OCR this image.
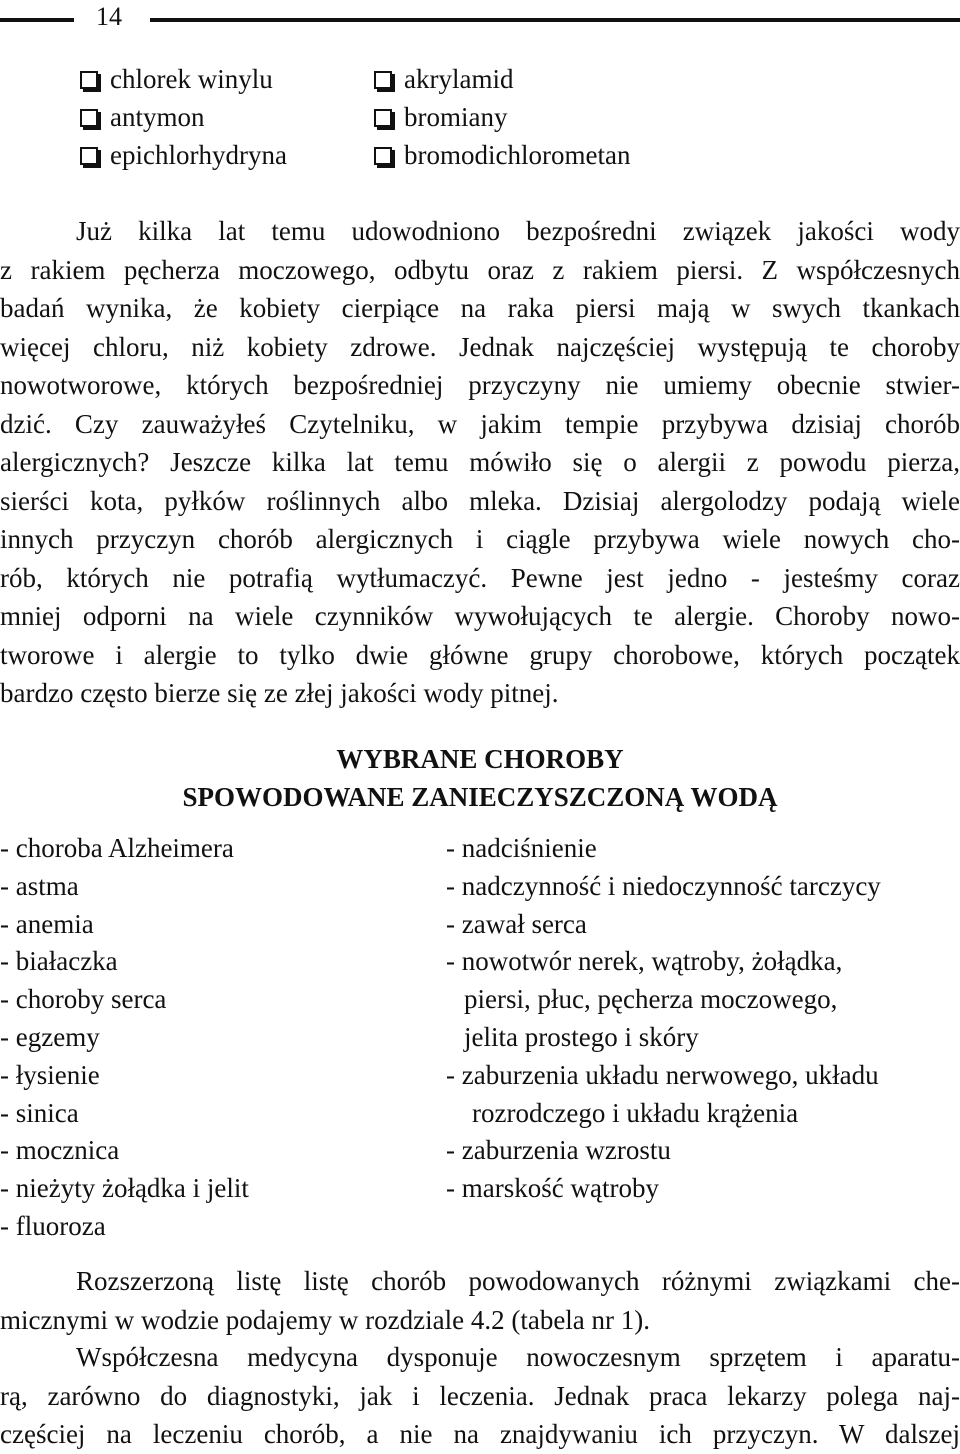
14
chlorek winylu
antymon
epichlorhydryna
akrylamid
bromiany
bromodichlorometan
Już kilka lat temu udowodniono bezpośredni związek jakości wody
z rakiem pęcherza moczowego, odbytu oraz z rakiem piersi. Z współczesnych
badań wynika, że kobiety cierpiące na raka piersi mają w swych tkankach
więcej chloru, niż kobiety zdrowe. Jednak najczęściej występują te choroby
nowotworowe, których bezpośredniej przyczyny nie umiemy obecnie stwier-
dzić. Czy zauważyłeś Czytelniku, w jakim tempie przybywa dzisiaj chorób
alergicznych? Jeszcze kilka lat temu mówiło się o alergii z powodu pierza,
sierści kota, pyłków roślinnych albo mleka. Dzisiaj alergolodzy podają wiele
innych przyczyn chorób alergicznych i ciągle przybywa wiele nowych cho-
rób, których nie potrafią wytłumaczyć. Pewne jest jedno - jesteśmy coraz
mniej odporni na wiele czynników wywołujących te alergie. Choroby nowo-
tworowe i alergie to tylko dwie główne grupy chorobowe, których początek
bardzo często bierze się ze złej jakości wody pitnej.
WYBRANE CHOROBY
SPOWODOWANE ZANIECZYSZCZONĄ WODĄ
- choroba Alzheimera
- astma
- anemia
- białaczka
- choroby serca
- egzemy
- łysienie
- sinica
- mocznica
- nieżyty żołądka i jelit
- fluoroza
- nadciśnienie
- nadczynność i niedoczynność tarczycy
- zawał serca
- nowotwór nerek, wątroby, żołądka,
piersi, płuc, pęcherza moczowego,
jelita prostego i skóry
- zaburzenia układu nerwowego, układu
rozrodczego i układu krążenia
- zaburzenia wzrostu
- marskość wątroby
Rozszerzoną listę listę chorób powodowanych różnymi związkami che-
micznymi w wodzie podajemy w rozdziale 4.2 (tabela nr 1).
Współczesna medycyna dysponuje nowoczesnym sprzętem i aparatu-
rą, zarówno do diagnostyki, jak i leczenia. Jednak praca lekarzy polega naj-
częściej na leczeniu chorób, a nie na znajdywaniu ich przyczyn. W dalszej
